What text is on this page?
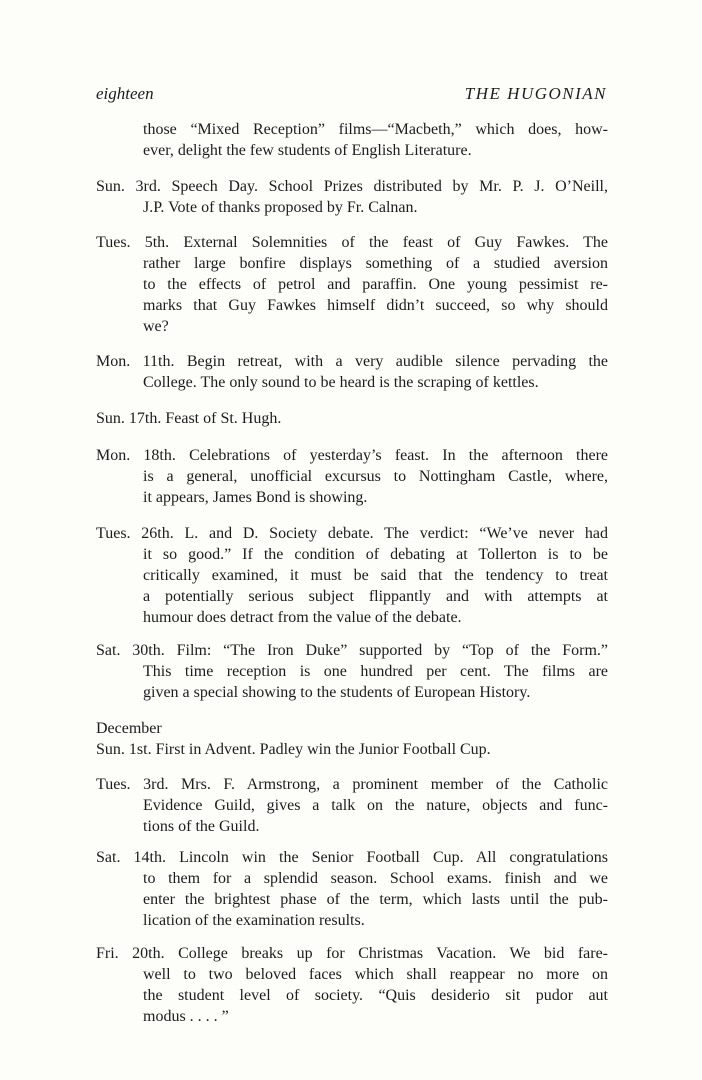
eighteen	THE HUGONIAN
those “Mixed Reception” films—“Macbeth,” which does, how-
ever, delight the few students of English Literature.
Sun. 3rd. Speech Day. School Prizes distributed by Mr. P. J. O’Neill,
J.P. Vote of thanks proposed by Fr. Calnan.
Tues. 5th. External Solemnities of the feast of Guy Fawkes. The
rather large bonfire displays something of a studied aversion
to the effects of petrol and paraffin. One young pessimist re-
marks that Guy Fawkes himself didn’t succeed, so why should
we?
Mon. 11th. Begin retreat, with a very audible silence pervading the
College. The only sound to be heard is the scraping of kettles.
Sun. 17th. Feast of St. Hugh.
Mon. 18th. Celebrations of yesterday’s feast. In the afternoon there
is a general, unofficial excursus to Nottingham Castle, where,
it appears, James Bond is showing.
Tues. 26th. L. and D. Society debate. The verdict: “We’ve never had
it so good.” If the condition of debating at Tollerton is to be
critically examined, it must be said that the tendency to treat
a potentially serious subject flippantly and with attempts at
humour does detract from the value of the debate.
Sat. 30th. Film: “The Iron Duke” supported by “Top of the Form.”
This time reception is one hundred per cent. The films are
given a special showing to the students of European History.
December
Sun. 1st. First in Advent. Padley win the Junior Football Cup.
Tues. 3rd. Mrs. F. Armstrong, a prominent member of the Catholic
Evidence Guild, gives a talk on the nature, objects and func-
tions of the Guild.
Sat. 14th. Lincoln win the Senior Football Cup. All congratulations
to them for a splendid season. School exams. finish and we
enter the brightest phase of the term, which lasts until the pub-
lication of the examination results.
Fri. 20th. College breaks up for Christmas Vacation. We bid fare-
well to two beloved faces which shall reappear no more on
the student level of society. “Quis desiderio sit pudor aut
modus . . . . ”
